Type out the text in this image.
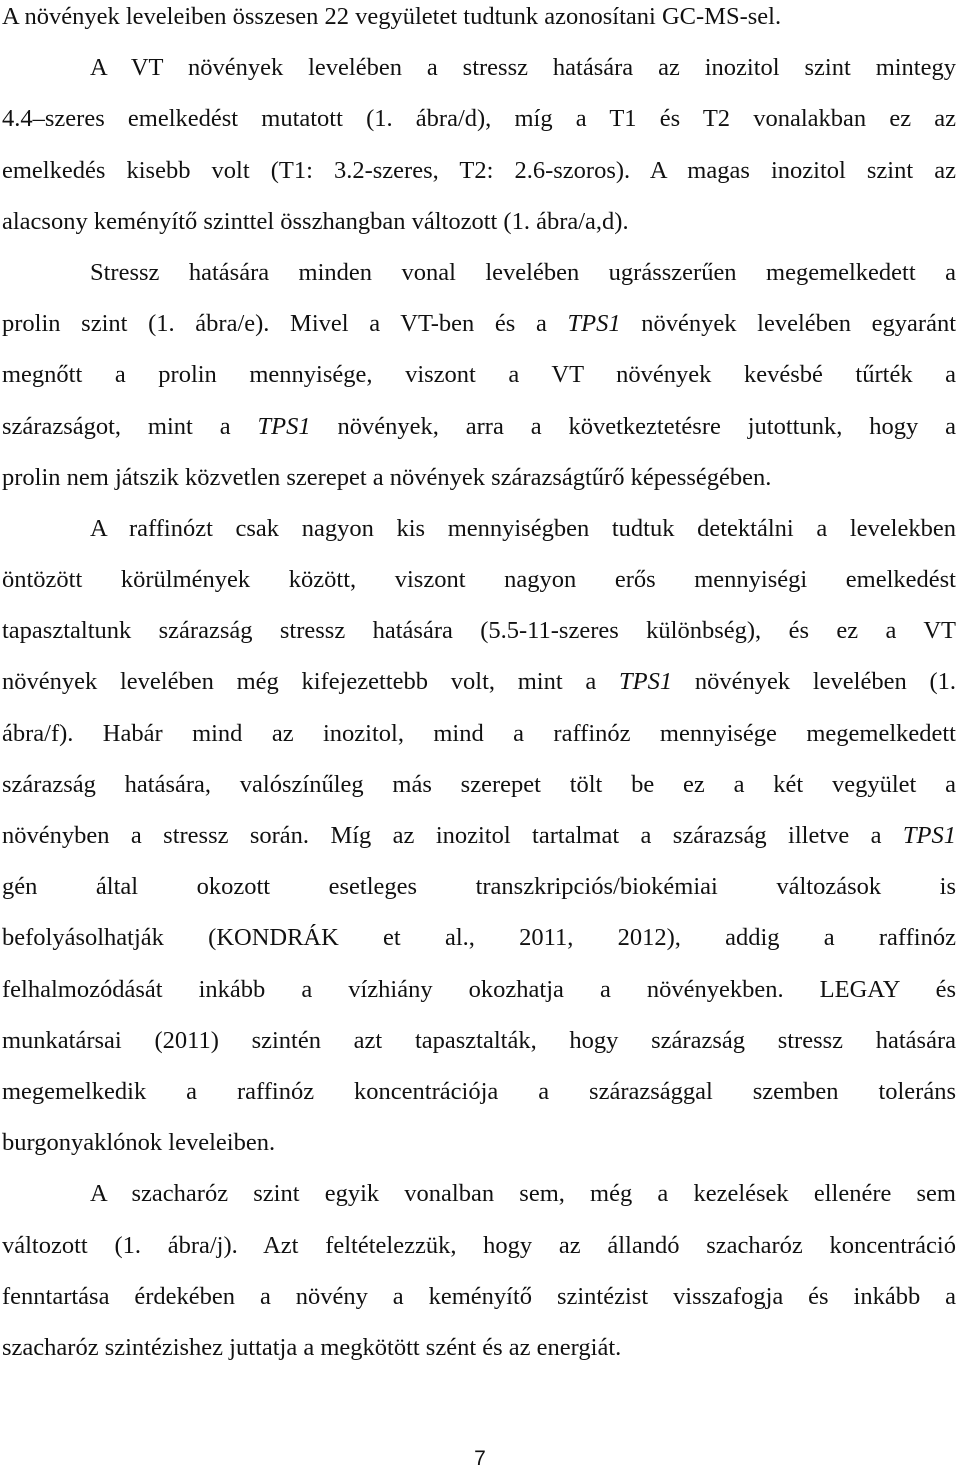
A növények leveleiben összesen 22 vegyületet tudtunk azonosítani GC-MS-sel.
A VT növények levelében a stressz hatására az inozitol szint mintegy
4.4–szeres emelkedést mutatott (1. ábra/d), míg a T1 és T2 vonalakban ez az
emelkedés kisebb volt (T1: 3.2-szeres, T2: 2.6-szoros). A magas inozitol szint az
alacsony keményítő szinttel összhangban változott (1. ábra/a,d).
Stressz hatására minden vonal levelében ugrásszerűen megemelkedett a
prolin szint (1. ábra/e). Mivel a VT-ben és a TPS1 növények levelében egyaránt
megnőtt a prolin mennyisége, viszont a VT növények kevésbé tűrték a
szárazságot, mint a TPS1 növények, arra a következtetésre jutottunk, hogy a
prolin nem játszik közvetlen szerepet a növények szárazságtűrő képességében.
A raffinózt csak nagyon kis mennyiségben tudtuk detektálni a levelekben
öntözött körülmények között, viszont nagyon erős mennyiségi emelkedést
tapasztaltunk szárazság stressz hatására (5.5-11-szeres különbség), és ez a VT
növények levelében még kifejezettebb volt, mint a TPS1 növények levelében (1.
ábra/f). Habár mind az inozitol, mind a raffinóz mennyisége megemelkedett
szárazság hatására, valószínűleg más szerepet tölt be ez a két vegyület a
növényben a stressz során. Míg az inozitol tartalmat a szárazság illetve a TPS1
gén által okozott esetleges transzkripciós/biokémiai változások is
befolyásolhatják (KONDRÁK et al., 2011, 2012), addig a raffinóz
felhalmozódását inkább a vízhiány okozhatja a növényekben. LEGAY és
munkatársai (2011) szintén azt tapasztalták, hogy szárazság stressz hatására
megemelkedik a raffinóz koncentrációja a szárazsággal szemben toleráns
burgonyaklónok leveleiben.
A szacharóz szint egyik vonalban sem, még a kezelések ellenére sem
változott (1. ábra/j). Azt feltételezzük, hogy az állandó szacharóz koncentráció
fenntartása érdekében a növény a keményítő szintézist visszafogja és inkább a
szacharóz szintézishez juttatja a megkötött szént és az energiát.
7
